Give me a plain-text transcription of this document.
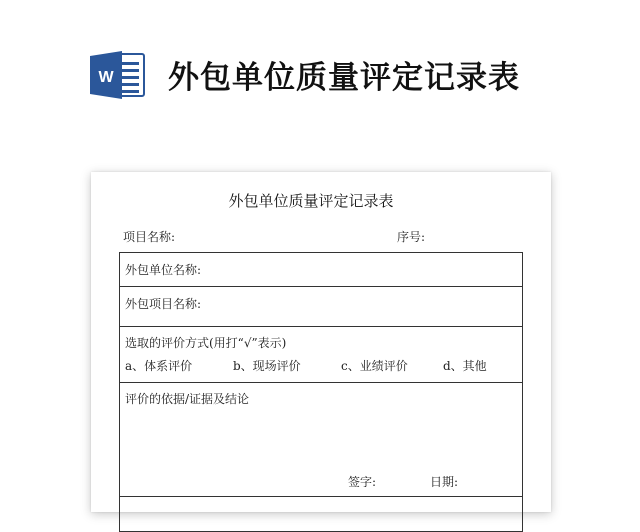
W 外包单位质量评定记录表
外包单位质量评定记录表
项目名称:	序号:
外包单位名称:
外包项目名称:
选取的评价方式(用打“√”表示)
a、体系评价	b、现场评价	c、业绩评价	d、其他
评价的依据/证据及结论
签字:	日期:
